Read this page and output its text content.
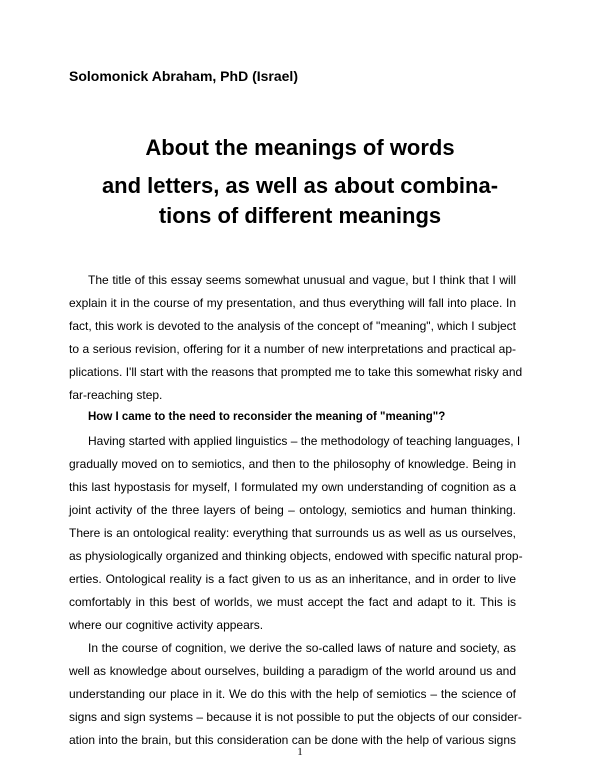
Solomonick Abraham, PhD (Israel)
About the meanings of words
and letters, as well as about combina-
tions of different meanings
The title of this essay seems somewhat unusual and vague, but I think that I will
explain it in the course of my presentation, and thus everything will fall into place. In
fact, this work is devoted to the analysis of the concept of "meaning", which I subject
to a serious revision, offering for it a number of new interpretations and practical ap-
plications. I'll start with the reasons that prompted me to take this somewhat risky and
far-reaching step.
How I came to the need to reconsider the meaning of "meaning"?
Having started with applied linguistics – the methodology of teaching languages, I
gradually moved on to semiotics, and then to the philosophy of knowledge. Being in
this last hypostasis for myself, I formulated my own understanding of cognition as a
joint activity of the three layers of being – ontology, semiotics and human thinking.
There is an ontological reality: everything that surrounds us as well as us ourselves,
as physiologically organized and thinking objects, endowed with specific natural prop-
erties. Ontological reality is a fact given to us as an inheritance, and in order to live
comfortably in this best of worlds, we must accept the fact and adapt to it. This is
where our cognitive activity appears.
In the course of cognition, we derive the so-called laws of nature and society, as
well as knowledge about ourselves, building a paradigm of the world around us and
understanding our place in it. We do this with the help of semiotics – the science of
signs and sign systems – because it is not possible to put the objects of our consider-
ation into the brain, but this consideration can be done with the help of various signs
1
